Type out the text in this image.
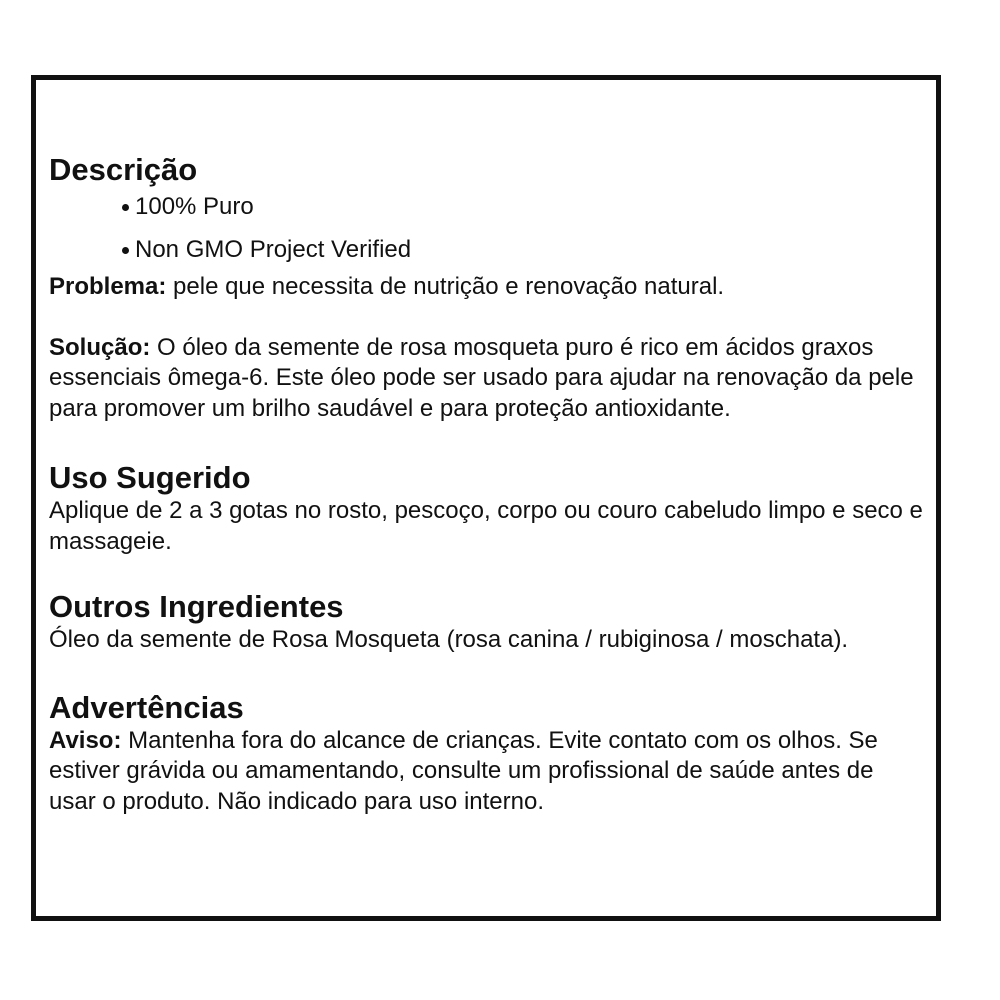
Descrição
100% Puro
Non GMO Project Verified

Problema: pele que necessita de nutrição e renovação natural.

Solução: O óleo da semente de rosa mosqueta puro é rico em ácidos graxos essenciais ômega-6. Este óleo pode ser usado para ajudar na renovação da pele para promover um brilho saudável e para proteção antioxidante.

Uso Sugerido

Aplique de 2 a 3 gotas no rosto, pescoço, corpo ou couro cabeludo limpo e seco e massageie.

Outros Ingredientes

Óleo da semente de Rosa Mosqueta (rosa canina / rubiginosa / moschata).

Advertências

Aviso: Mantenha fora do alcance de crianças. Evite contato com os olhos. Se estiver grávida ou amamentando, consulte um profissional de saúde antes de usar o produto. Não indicado para uso interno.
